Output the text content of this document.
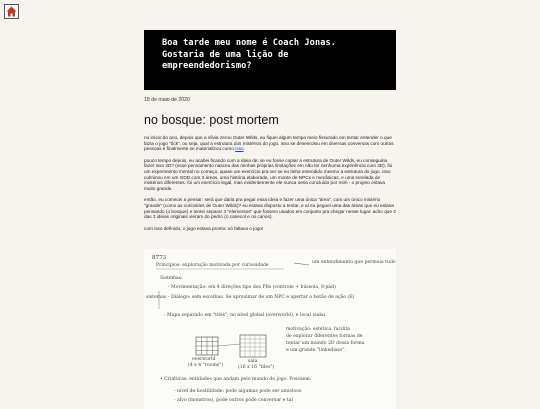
Boa tarde meu nome é Coach Jonas.
Gostaria de uma lição de
empreendedorismo?

18 de maio de 2020

no bosque: post mortem

no início do ano, depois que a sílvia zerou Outer Wilds, eu fiquei algum tempo meio fissurado em tentar entender o que fazia o jogo "tick", ou seja, qual a estrutura dos mistérios do jogo. isso se desenrolou em diversas conversas com outras pessoas e finalmente se materializou como isso.

pouco tempo depois, eu acabei ficando com a ideia de: se eu fosse copiar a estrutura de Outer Wilds, eu conseguiria fazer isso 2D? (esse pensamento nasceu das minhas próprias limitações em não ter nenhuma experiência com 3D). foi um experimento mental no começo, quase um exercício pra ver se eu tinha entendido mesmo a estrutura do jogo. isso culminou em um GDD com 3 áreas, uma história elaborada, um monte de NPCs e mecânicas, e uma tonelada de mistérios diferentes. foi um exercício legal, mas evidentemente ele nunca seria concluído por mim - o projeto estava muito grande.

então, eu comecei a pensar: será que daria pra pegar essa ideia e fazer uma única "área", com um único mistério "grande" (como as curiosities de Outer Wilds)? eu estava disposto a tentar, e aí eu peguei uma das áreas que eu estava pensando (o bosque) e tentei separar 3 "elementos" que fossem usados em conjunto pra chegar nesse lugar. acho que 2 das 3 ideias originais vieram do pedro (o canecol e os canos).

com isso definido, o jogo estava pronto. só faltava o jogo!

8773
Princípios: exploração motivada por curiosidade
um entendimento que permeia tudo
Sistemas:
- Movimentação: em 4 direções tipo dos PBs (controle + bússola, 8-pad)
sistemas - Diálogo: sem escolhas. Se aproximar de um NPC e apertar o botão de ação (E)
- Mapa separado em "tiles"; no nível global (overworld), e local (sala).
motivação: estética, facilita
de explorar diferentes formas de
tentar um mundo 2D dessa forma
e um grande "linkedisso".
overworld
(4 x 4 "rooms")
sala
(16 x 16 "tiles")
• Criaturas: entidades que andam pelo mundo do jogo. Possuem:
- nível de hostilidade: pode algumas pode ser amistoso
- alvo (monstros), pode outros pode conversar e tal
